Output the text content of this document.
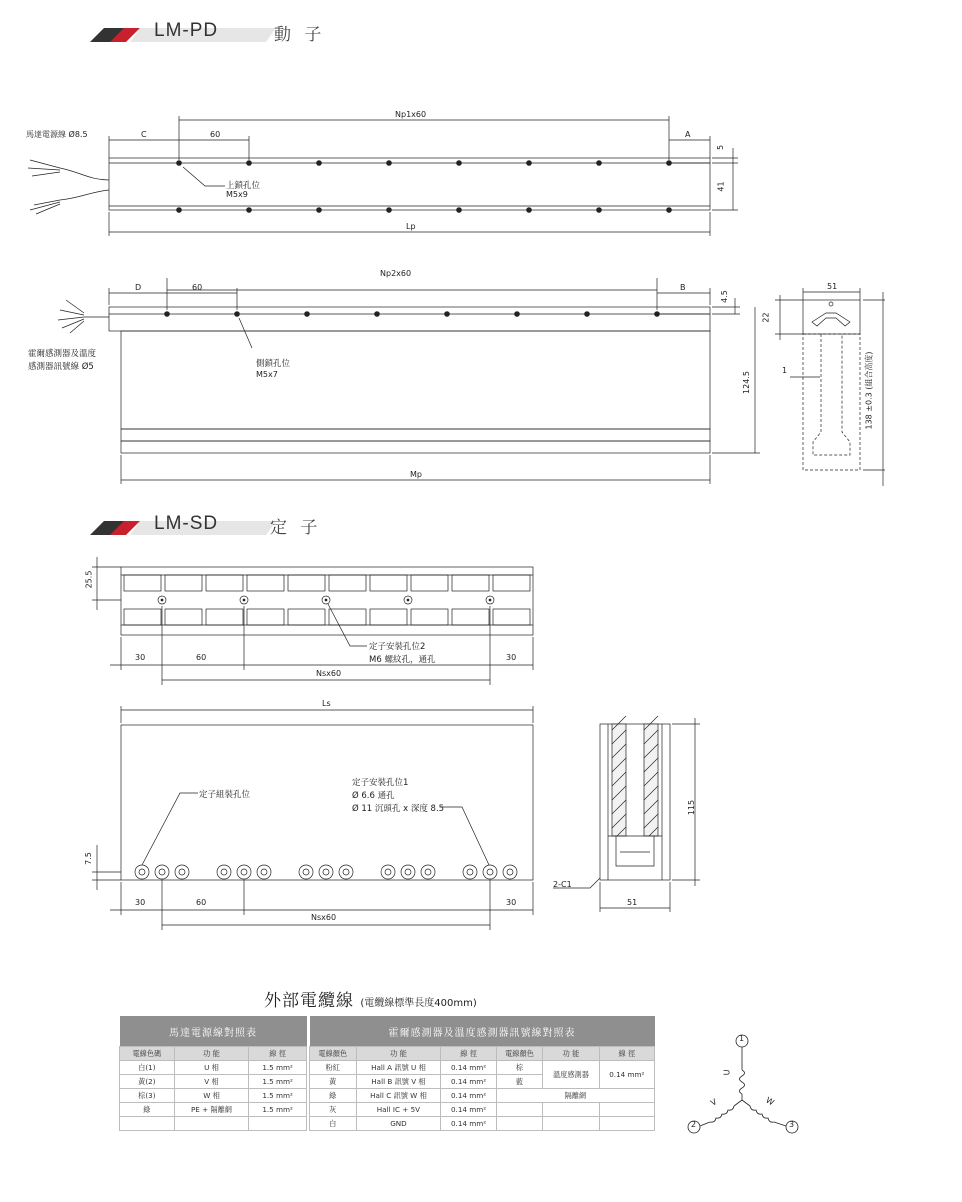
LM-PD	動 子
Np1x60
C	60	A
Lp
5
41
馬達電源線 Ø8.5
上鎖孔位
M5x9
Np2x60
D	60	B
4.5
124.5
Mp
霍爾感測器及溫度
感測器訊號線 Ø5	側鎖孔位
M5x7
51
22
1	138 ±0.3 (組合高度)
LM-SD	定 子
25.5
30	60	30
Nsx60
定子安裝孔位2
M6 螺紋孔，通孔
Ls
7.5
30	60	30
Nsx60
定子組裝孔位
定子安裝孔位1
Ø 6.6 通孔
Ø 11 沉頭孔 x 深度 8.5	115
2-C1
51
外部電纜線 (電纜線標準長度400mm)
馬達電源線對照表		
電線色碼	功 能	線 徑
白(1)	U 相	1.5 mm²
黃(2)	V 相	1.5 mm²
棕(3)	W 相	1.5 mm²
綠	PE + 隔離網	1.5 mm²

霍爾感測器及溫度感測器訊號線對照表					
電線顏色	功 能	線 徑	電線顏色	功 能	線 徑
粉紅	Hall A 訊號 U 相	0.14 mm²	棕	溫度感測器	0.14 mm²
黃	Hall B 訊號 V 相	0.14 mm²	藍		
綠	Hall C 訊號 W 相	0.14 mm²	隔離網		
灰	Hall IC + 5V	0.14 mm²			
白	GND	0.14 mm²			
1
2	3
U
V	W
